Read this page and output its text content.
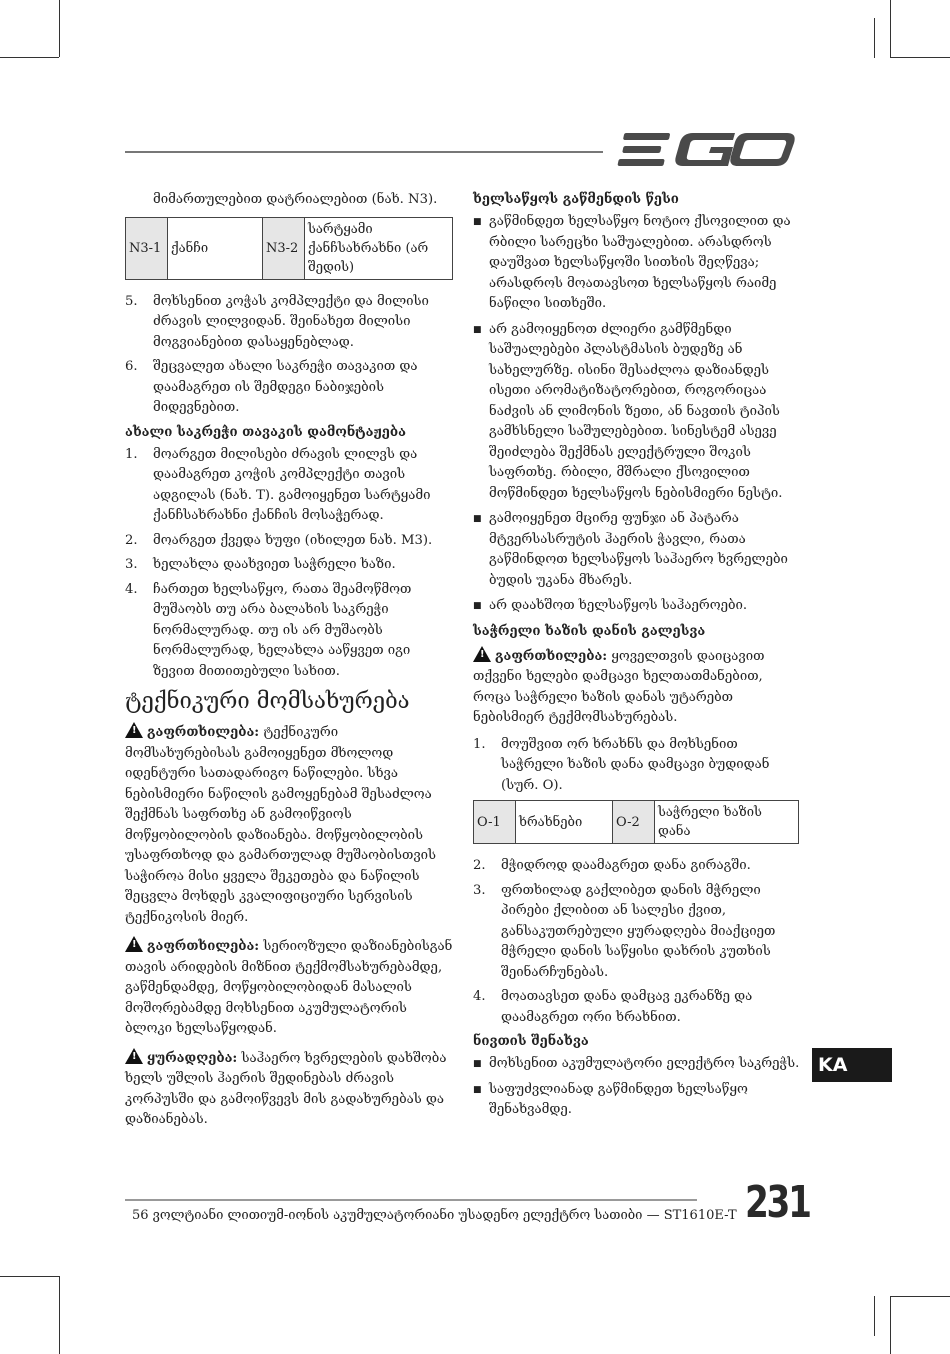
მიმართულებით დატრიალებით (ნახ. N3).

N3-1	ქანჩი	N3-2	სარტყამი ქანჩსახრახნი (არ შედის)
5.	მოხსენით კოჭას კომპლექტი და მილისი ძრავის ლილვიდან. შეინახეთ მილისი მოგვიანებით დასაყენებლად.
6.	შეცვალეთ ახალი საკრეჭი თავაკით და დაამაგრეთ ის შემდეგი ნაბიჯების მიდევნებით.
ახალი საკრეჭი თავაკის დამონტაჟება
1.	მოარგეთ მილისები ძრავის ლილვს და დაამაგრეთ კოჭის კომპლექტი თავის ადგილას (ნახ. T). გამოიყენეთ სარტყამი ქანჩსახრახნი ქანჩის მოსაჭერად.
2.	მოარგეთ ქვედა ხუფი (იხილეთ ნახ. M3).
3.	ხელახლა დაახვიეთ საჭრელი ხაზი.
4.	ჩართეთ ხელსაწყო, რათა შეამოწმოთ მუშაობს თუ არა ბალახის საკრეჭი ნორმალურად. თუ ის არ მუშაობს ნორმალურად, ხელახლა ააწყვეთ იგი ზევით მითითებული სახით.
ტექნიკური მომსახურება

!გაფრთხილება: ტექნიკური მომსახურებისას გამოიყენეთ მხოლოდ იდენტური სათადარიგო ნაწილები. სხვა ნებისმიერი ნაწილის გამოყენებამ შესაძლოა შექმნას საფრთხე ან გამოიწვიოს მოწყობილობის დაზიანება. მოწყობილობის უსაფრთხოდ და გამართულად მუშაობისთვის საჭიროა მისი ყველა შეკეთება და ნაწილის შეცვლა მოხდეს კვალიფიციური სერვისის ტექნიკოსის მიერ.

!გაფრთხილება: სერიოზული დაზიანებისგან თავის არიდების მიზნით ტექმომსახურებამდე, გაწმენდამდე, მოწყობილობიდან მასალის მოშორებამდე მოხსენით აკუმულატორის ბლოკი ხელსაწყოდან.

!ყურადღება: საჰაერო ხვრელების დახშობა ხელს უშლის ჰაერის შედინებას ძრავის კორპუსში და გამოიწვევს მის გადახურებას და დაზიანებას.

ხელსაწყოს გაწმენდის წესი
■ გაწმინდეთ ხელსაწყო ნოტიო ქსოვილით და რბილი სარეცხი საშუალებით. არასდროს დაუშვათ ხელსაწყოში სითხის შეღწევა; არასდროს მოათავსოთ ხელსაწყოს რაიმე ნაწილი სითხეში.
■ არ გამოიყენოთ ძლიერი გამწმენდი საშუალებები პლასტმასის ბუდეზე ან სახელურზე. ისინი შესაძლოა დაზიანდეს ისეთი არომატიზატორებით, როგორიცაა ნაძვის ან ლიმონის ზეთი, ან ნავთის ტიპის გამხსნელი საშულებებით. სინესტემ ასევე შეიძლება შექმნას ელექტრული შოკის საფრთხე. რბილი, მშრალი ქსოვილით მოწმინდეთ ხელსაწყოს ნებისმიერი ნესტი.
■ გამოიყენეთ მცირე ფუნჯი ან პატარა მტვერსასრუტის ჰაერის ჭავლი, რათა გაწმინდოთ ხელსაწყოს საჰაერო ხვრელები ბუდის უკანა მხარეს.
■ არ დაახშოთ ხელსაწყოს საჰაეროები.
საჭრელი ხაზის დანის გალესვა

!გაფრთხილება: ყოველთვის დაიცავით თქვენი ხელები დამცავი ხელთათმანებით, როცა საჭრელი ხაზის დანას უტარებთ ნებისმიერ ტექმომსახურებას.

1.	მოუშვით ორ ხრახნს და მოხსენით საჭრელი ხაზის დანა დამცავი ბუდიდან (სურ. O).
O-1	ხრახნები	O-2	საჭრელი ხაზის დანა
2.	მჭიდროდ დაამაგრეთ დანა გირაგში.
3.	ფრთხილად გაქლიბეთ დანის მჭრელი პირები ქლიბით ან სალესი ქვით, განსაკუთრებული ყურადღება მიაქციეთ მჭრელი დანის საწყისი დახრის კუთხის შეინარჩუნებას.
4.	მოათავსეთ დანა დამცავ ეკრანზე და დაამაგრეთ ორი ხრახნით.
ნივთის შენახვა
■ მოხსენით აკუმულატორი ელექტრო საკრეჭს.
■ საფუძვლიანად გაწმინდეთ ხელსაწყო შენახვამდე.
KA
56 ვოლტიანი ლითიუმ-იონის აკუმულატორიანი უსადენო ელექტრო სათიბი — ST1610E-T 231
